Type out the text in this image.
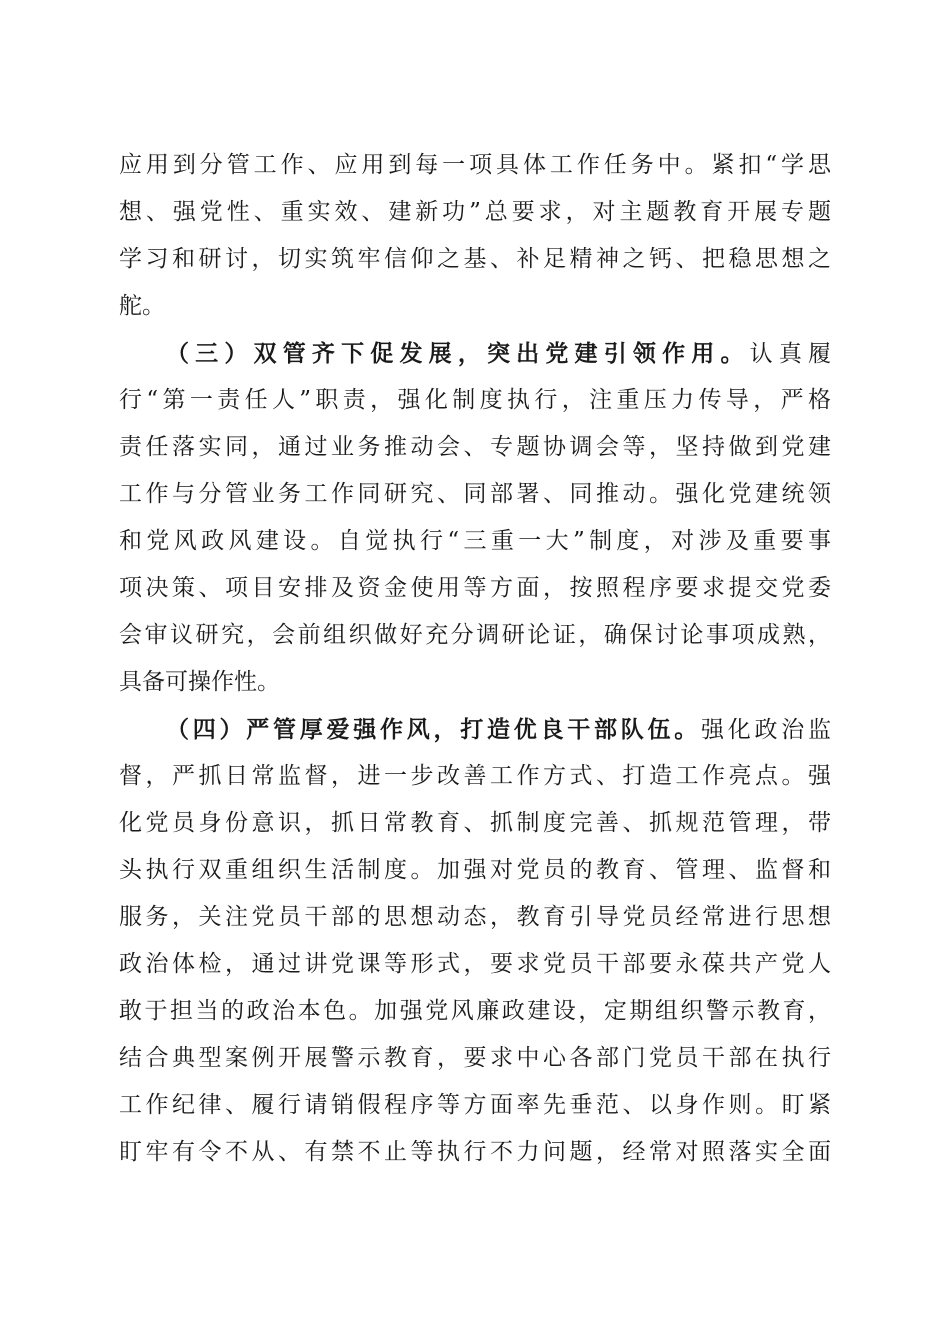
应用到分管工作、应用到每一项具体工作任务中。紧扣“学思
想、强党性、重实效、建新功”总要求，对主题教育开展专题
学习和研讨，切实筑牢信仰之基、补足精神之钙、把稳思想之
舵。
（三）双管齐下促发展，突出党建引领作用。认真履
行“第一责任人”职责，强化制度执行，注重压力传导，严格
责任落实同，通过业务推动会、专题协调会等，坚持做到党建
工作与分管业务工作同研究、同部署、同推动。强化党建统领
和党风政风建设。自觉执行“三重一大”制度，对涉及重要事
项决策、项目安排及资金使用等方面，按照程序要求提交党委
会审议研究，会前组织做好充分调研论证，确保讨论事项成熟，
具备可操作性。
（四）严管厚爱强作风，打造优良干部队伍。强化政治监
督，严抓日常监督，进一步改善工作方式、打造工作亮点。强
化党员身份意识，抓日常教育、抓制度完善、抓规范管理，带
头执行双重组织生活制度。加强对党员的教育、管理、监督和
服务，关注党员干部的思想动态，教育引导党员经常进行思想
政治体检，通过讲党课等形式，要求党员干部要永葆共产党人
敢于担当的政治本色。加强党风廉政建设，定期组织警示教育，
结合典型案例开展警示教育，要求中心各部门党员干部在执行
工作纪律、履行请销假程序等方面率先垂范、以身作则。盯紧
盯牢有令不从、有禁不止等执行不力问题，经常对照落实全面
